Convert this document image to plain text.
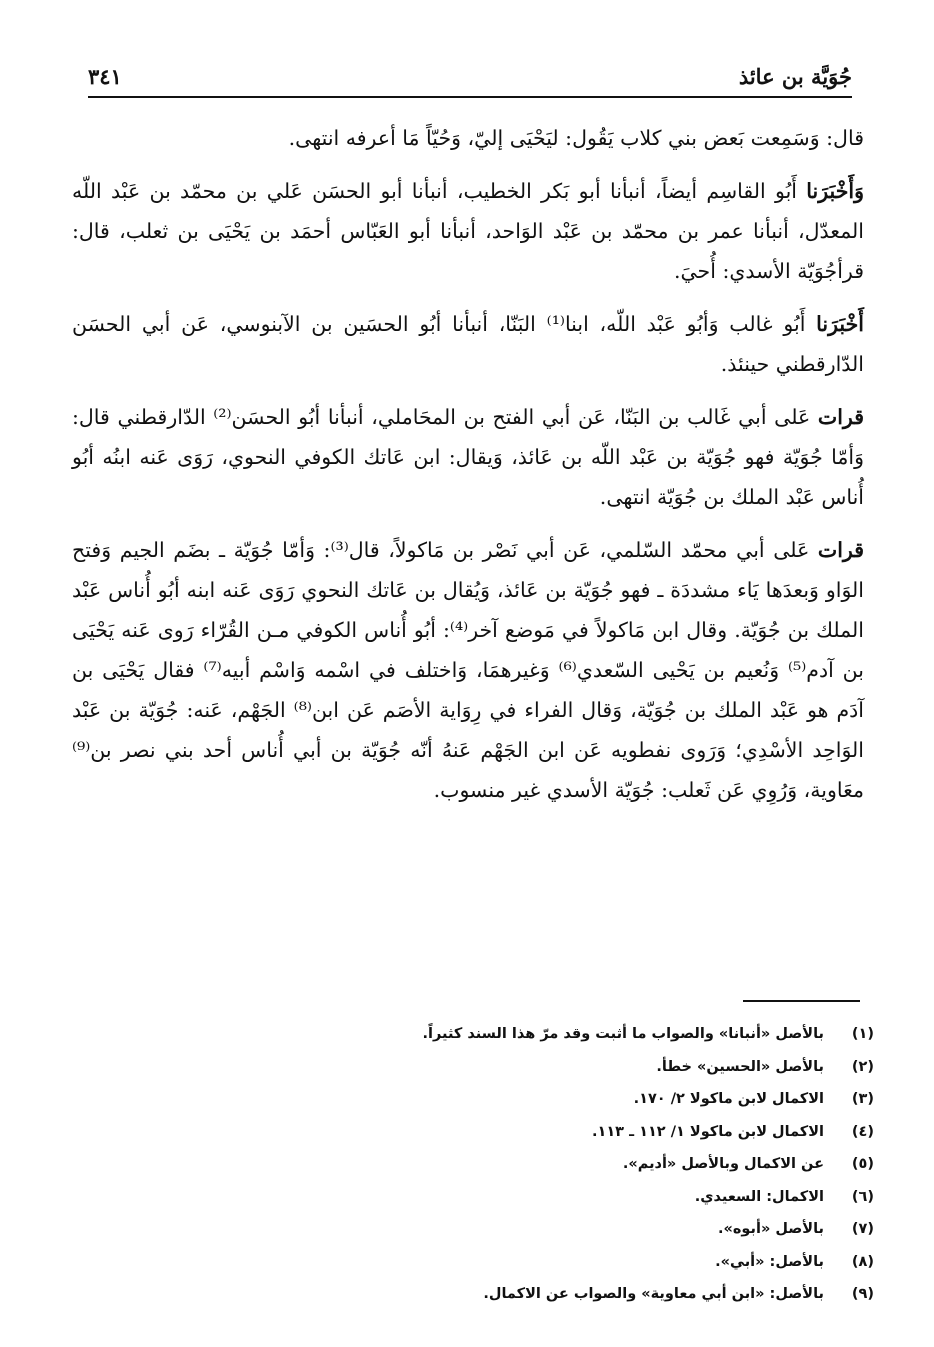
جُوَيَّة بن عائذ
٣٤١

قال: وَسَمِعت بَعض بني كلاب يَقُول: ليَحْيَى إليّ، وَحُيّاً مَا أعرفه انتهى.

وَأَخْبَرَنا أَبُو القاسِم أيضاً، أنبأنا أبو بَكر الخطيب، أنبأنا أبو الحسَن عَلي بن محمّد بن عَبْد اللّه المعدّل، أنبأنا عمر بن محمّد بن عَبْد الوَاحد، أنبأنا أبو العَبّاس أحمَد بن يَحْيَى بن ثعلب، قال: قرأجُوَيّة الأسدي: أُحيَ.

أَخْبَرَنا أَبُو غالب وَأبُو عَبْد اللّه، ابنا⁽¹⁾ البَنّا، أنبأنا أبُو الحسَين بن الآبنوسي، عَن أبي الحسَن الدّارقطني حينئذ.

قرات عَلى أبي غَالب بن البَنّا، عَن أبي الفتح بن المحَاملي، أنبأنا أبُو الحسَن⁽²⁾ الدّارقطني قال: وَأمّا جُوَيّة فهو جُوَيّة بن عَبْد اللّه بن عَائذ، وَيقال: ابن عَاتك الكوفي النحوي، رَوَى عَنه ابنُه أبُو أُناس عَبْد الملك بن جُوَيّة انتهى.

قرات عَلى أبي محمّد السّلمي، عَن أبي نَصْر بن مَاكولاً، قال⁽³⁾: وَأمّا جُوَيّة ـ بضَم الجيم وَفتح الوَاو وَبعدَها يَاء مشددَة ـ فهو جُوَيّة بن عَائذ، وَيُقال بن عَاتك النحوي رَوَى عَنه ابنه أبُو أُناس عَبْد الملك بن جُوَيّة. وقال ابن مَاكولاً في مَوضع آخر⁽⁴⁾: أبُو أُناس الكوفي مـن القُرّاء رَوى عَنه يَحْيَى بن آدم⁽⁵⁾ وَنُعيم بن يَحْيى السّعدي⁽⁶⁾ وَغيرهمَا، وَاختلف في اسْمه وَاسْم أبيه⁽⁷⁾ فقال يَحْيَى بن آدَم هو عَبْد الملك بن جُوَيّة، وَقال الفراء في رِوَاية الأصَم عَن ابن⁽⁸⁾ الجَهْم، عَنه: جُوَيّة بن عَبْد الوَاحِد الأسْدِي؛ وَرَوى نفطويه عَن ابن الجَهْم عَنهُ أنّه جُوَيّة بن أبي أُناس أحد بني نصر بن⁽⁹⁾ معَاوية، وَرُوِي عَن ثَعلب: جُوَيّة الأسدي غير منسوب.

(١)بالأصل «أنبانا» والصواب ما أثبت وقد مرّ هذا السند كثيراً.
(٢)بالأصل «الحسين» خطأ.
(٣)الاكمال لابن ماكولا ٢/ ١٧٠.
(٤)الاكمال لابن ماكولا ١/ ١١٢ ـ ١١٣.
(٥)عن الاكمال وبالأصل «أديم».
(٦)الاكمال: السعيدي.
(٧)بالأصل «أبوه».
(٨)بالأصل: «أبي».
(٩)بالأصل: «ابن أبي معاوية» والصواب عن الاكمال.
